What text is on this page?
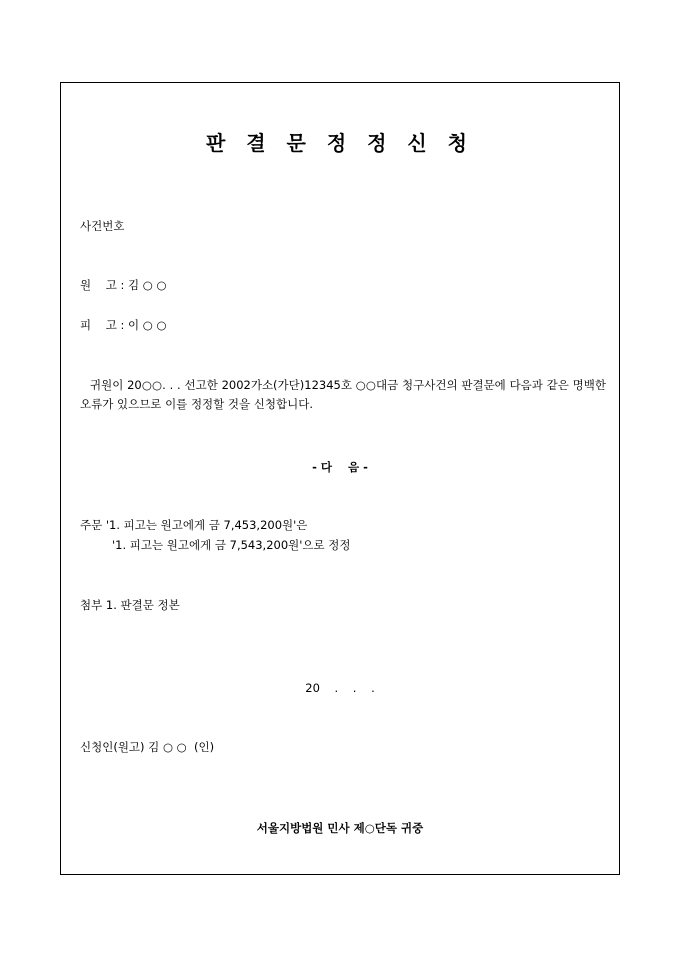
판 결 문 정 정 신 청
사건번호
원    고 : 김 ○ ○
피    고 : 이 ○ ○
귀원이 20○○. . . 선고한 2002가소(가단)12345호 ○○대금 청구사건의 판결문에 다음과 같은 명백한 오류가 있으므로 이를 정정할 것을 신청합니다.
- 다    음 -
주문 '1. 피고는 원고에게 금 7,453,200원'은
'1. 피고는 원고에게 금 7,543,200원'으로 정정
첨부 1. 판결문 정본
20    .    .    .
신청인(원고) 김 ○ ○  (인)
서울지방법원 민사 제○단독 귀중
